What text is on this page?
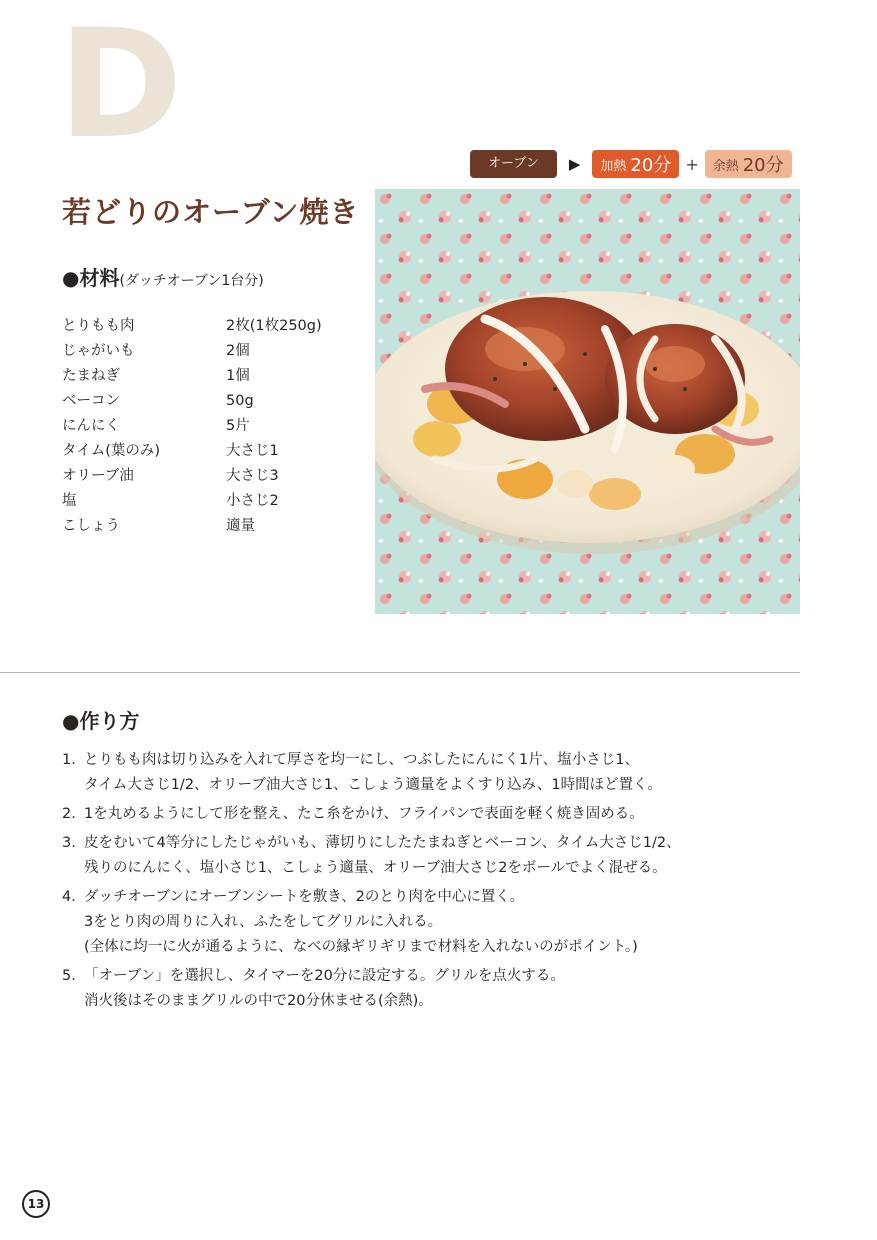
D	オーブン	▶ 加熱 20分 + 余熱 20分
若どりのオーブン焼き
●材料(ダッチオーブン1台分)
とりもも肉	2枚(1枚250g)
じゃがいも	2個
たまねぎ	1個
ベーコン	50g
にんにく	5片
タイム(葉のみ)	大さじ1
オリーブ油	大さじ3
塩	小さじ2
こしょう	適量
●作り方
1. とりもも肉は切り込みを入れて厚さを均一にし、つぶしたにんにく1片、塩小さじ1、
タイム大さじ1/2、オリーブ油大さじ1、こしょう適量をよくすり込み、1時間ほど置く。
2. 1を丸めるようにして形を整え、たこ糸をかけ、フライパンで表面を軽く焼き固める。
3. 皮をむいて4等分にしたじゃがいも、薄切りにしたたまねぎとベーコン、タイム大さじ1/2、
残りのにんにく、塩小さじ1、こしょう適量、オリーブ油大さじ2をボールでよく混ぜる。
4. ダッチオーブンにオーブンシートを敷き、2のとり肉を中心に置く。
3をとり肉の周りに入れ、ふたをしてグリルに入れる。
(全体に均一に火が通るように、なべの縁ギリギリまで材料を入れないのがポイント。)
5. 「オーブン」を選択し、タイマーを20分に設定する。グリルを点火する。
消火後はそのままグリルの中で20分休ませる(余熱)。
13
